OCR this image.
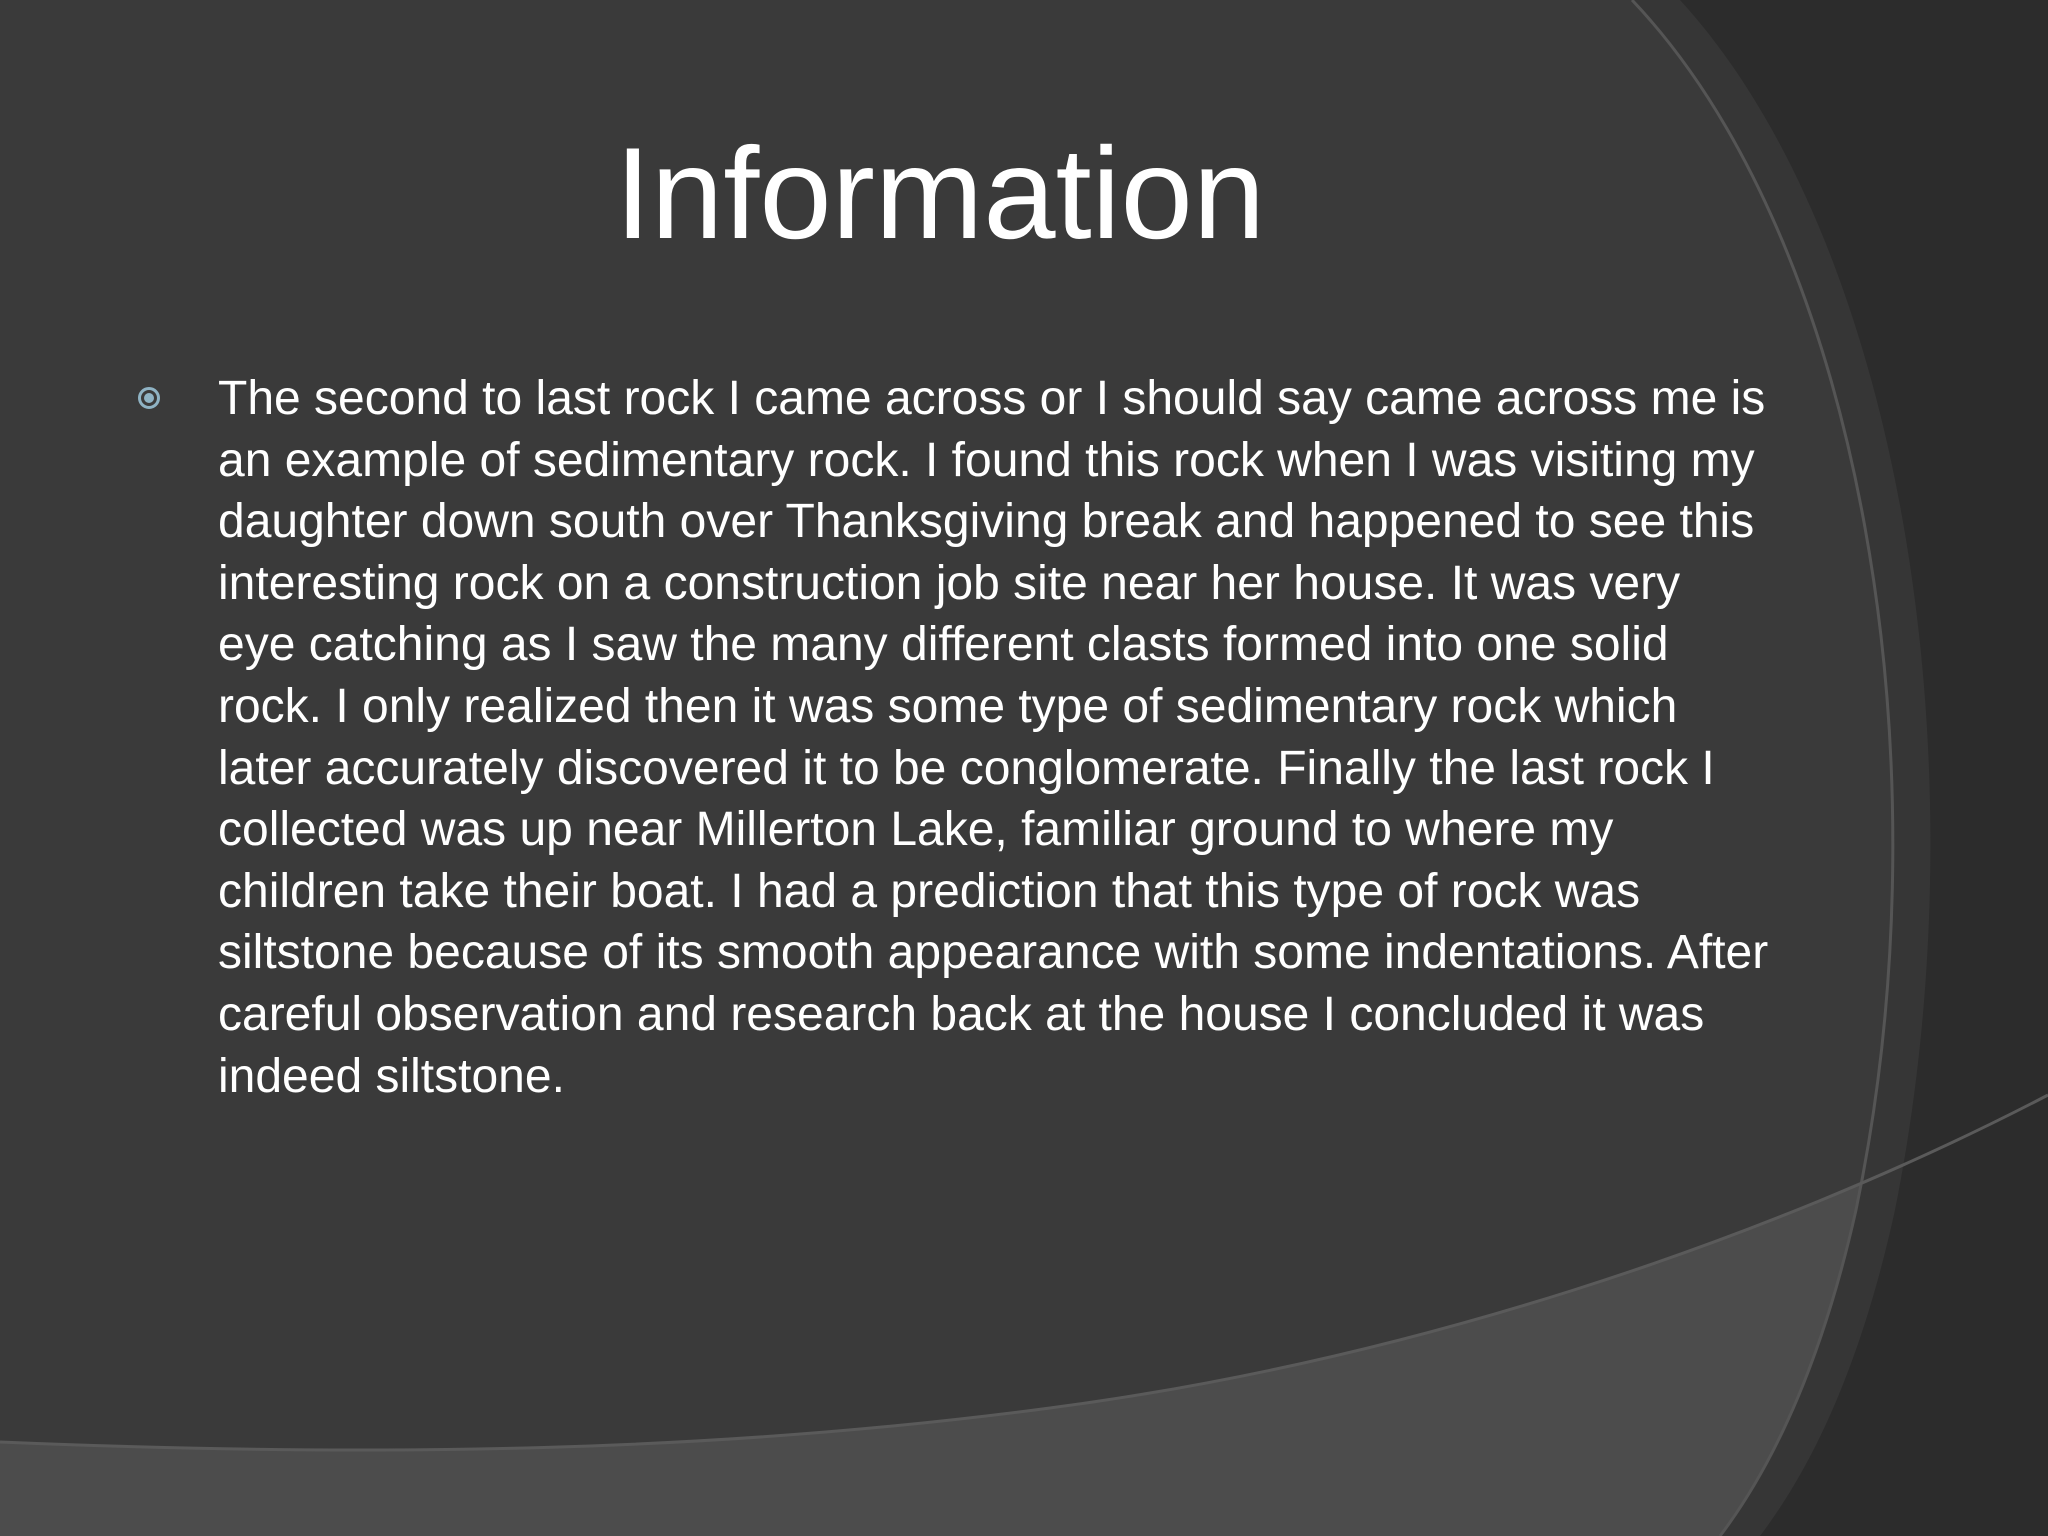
Information
The second to last rock I came across or I should say came across me is an example of sedimentary rock. I found this rock when I was visiting my daughter down south over Thanksgiving break and happened to see this interesting rock on a construction job site near her house. It was very eye catching as I saw the many different clasts formed into one solid rock. I only realized then it was some type of sedimentary rock which later accurately discovered it to be conglomerate. Finally the last rock I collected was up near Millerton Lake, familiar ground to where my children take their boat. I had a prediction that this type of rock was siltstone because of its smooth appearance with some indentations. After careful observation and research back at the house I concluded it was indeed siltstone.
